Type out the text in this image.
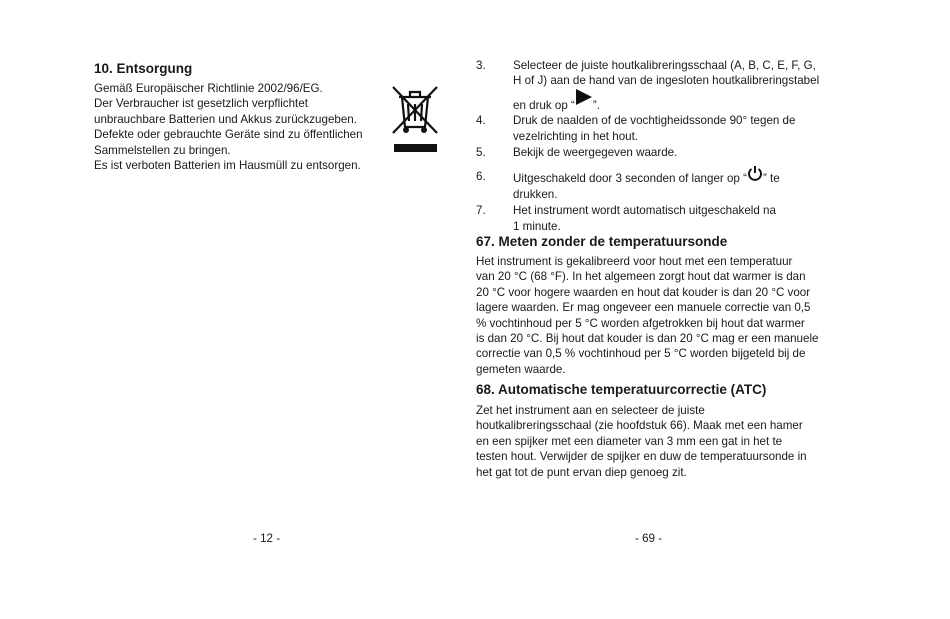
10. Entsorgung

Gemäß Europäischer Richtlinie 2002/96/EG.

Der Verbraucher ist gesetzlich verpflichtet

unbrauchbare Batterien und Akkus zurückzugeben.

Defekte oder gebrauchte Geräte sind zu öffentlichen

Sammelstellen zu bringen.

Es ist verboten Batterien im Hausmüll zu entsorgen.

- 12 -
3. Selecteer de juiste houtkalibreringsschaal (A, B, C, E, F, G,
H of J) aan de hand van de ingesloten houtkalibreringstabel
en druk op “ ”.
4. Druk de naalden of de vochtigheidssonde 90° tegen de
vezelrichting in het hout.
5. Bekijk de weergegeven waarde.
6. Uitgeschakeld door 3 seconden of langer op “ ” te
drukken.
7. Het instrument wordt automatisch uitgeschakeld na
1 minute.
67. Meten zonder de temperatuursonde

Het instrument is gekalibreerd voor hout met een temperatuur

van 20 °C (68 °F). In het algemeen zorgt hout dat warmer is dan

20 °C voor hogere waarden en hout dat kouder is dan 20 °C voor

lagere waarden. Er mag ongeveer een manuele correctie van 0,5

% vochtinhoud per 5 °C worden afgetrokken bij hout dat warmer

is dan 20 °C. Bij hout dat kouder is dan 20 °C mag er een manuele

correctie van 0,5 % vochtinhoud per 5 °C worden bijgeteld bij de

gemeten waarde.

68. Automatische temperatuurcorrectie (ATC)

Zet het instrument aan en selecteer de juiste

houtkalibreringsschaal (zie hoofdstuk 66). Maak met een hamer

en een spijker met een diameter van 3 mm een gat in het te

testen hout. Verwijder de spijker en duw de temperatuursonde in

het gat tot de punt ervan diep genoeg zit.

- 69 -
